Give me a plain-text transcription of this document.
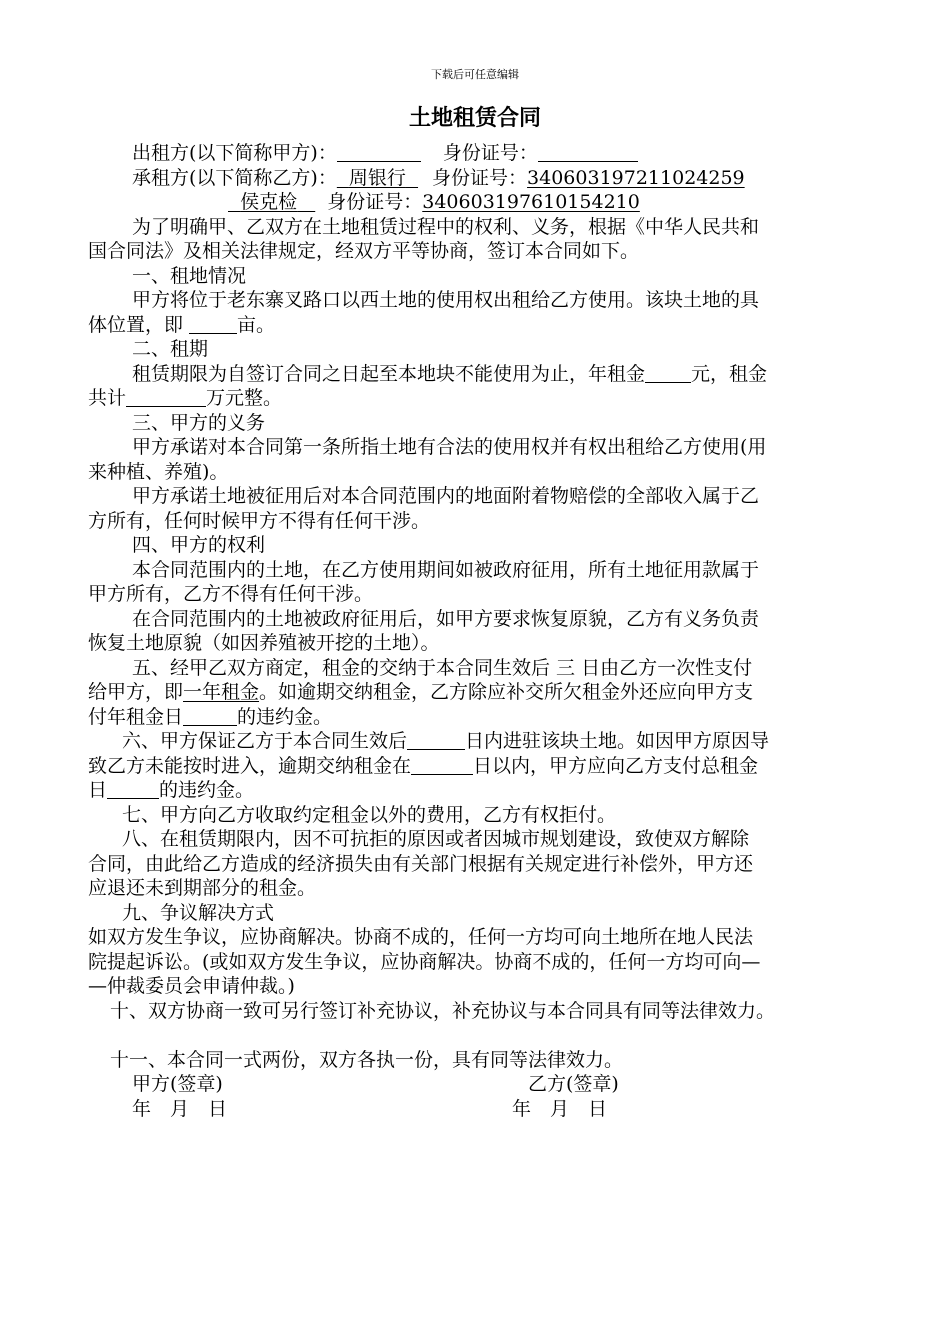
下载后可任意编辑
土地租赁合同
出租方(以下简称甲方)：	身份证号：
承租方(以下简称乙方)： 周银行 身份证号：340603197211024259
侯克检 身份证号：340603197610154210
为了明确甲、乙双方在土地租赁过程中的权利、义务，根据《中华人民共和
国合同法》及相关法律规定，经双方平等协商，签订本合同如下。
一、租地情况
甲方将位于老东寨叉路口以西土地的使用权出租给乙方使用。该块土地的具
体位置，即	亩。
二、租期
租赁期限为自签订合同之日起至本地块不能使用为止，年租金 元，租金
共计	万元整。
三、甲方的义务
甲方承诺对本合同第一条所指土地有合法的使用权并有权出租给乙方使用(用
来种植、养殖)。
甲方承诺土地被征用后对本合同范围内的地面附着物赔偿的全部收入属于乙
方所有，任何时候甲方不得有任何干涉。
四、甲方的权利
本合同范围内的土地，在乙方使用期间如被政府征用，所有土地征用款属于
甲方所有，乙方不得有任何干涉。
在合同范围内的土地被政府征用后，如甲方要求恢复原貌，乙方有义务负责
恢复土地原貌（如因养殖被开挖的土地）。
五、经甲乙双方商定，租金的交纳于本合同生效后 三 日由乙方一次性支付
给甲方，即一年租金。如逾期交纳租金，乙方除应补交所欠租金外还应向甲方支
付年租金日	的违约金。
六、甲方保证乙方于本合同生效后	日内进驻该块土地。如因甲方原因导
致乙方未能按时进入，逾期交纳租金在	日以内，甲方应向乙方支付总租金
日	的违约金。
七、甲方向乙方收取约定租金以外的费用，乙方有权拒付。
八、在租赁期限内，因不可抗拒的原因或者因城市规划建设，致使双方解除
合同，由此给乙方造成的经济损失由有关部门根据有关规定进行补偿外，甲方还
应退还未到期部分的租金。
九、争议解决方式
如双方发生争议，应协商解决。协商不成的，任何一方均可向土地所在地人民法
院提起诉讼。(或如双方发生争议，应协商解决。协商不成的，任何一方均可向—
—仲裁委员会申请仲裁。)
十、双方协商一致可另行签订补充协议，补充协议与本合同具有同等法律效力。
十一、本合同一式两份，双方各执一份，具有同等法律效力。
甲方(签章)	乙方(签章)
年　月　日	年　月　日
